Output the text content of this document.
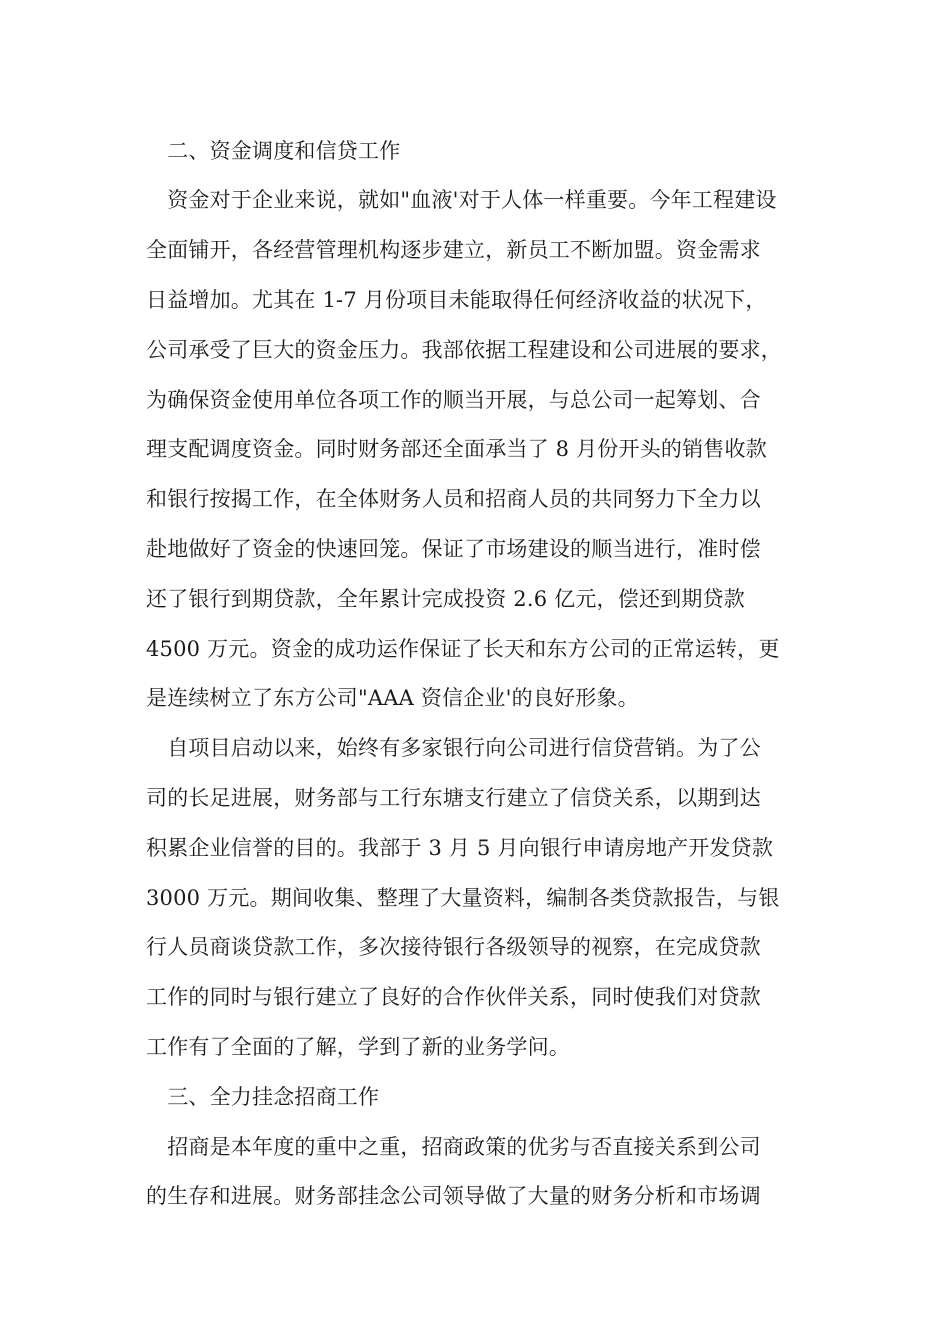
　二、资金调度和信贷工作
　资金对于企业来说，就如"血液'对于人体一样重要。今年工程建设
全面铺开，各经营管理机构逐步建立，新员工不断加盟。资金需求
日益增加。尤其在 1-7 月份项目未能取得任何经济收益的状况下，
公司承受了巨大的资金压力。我部依据工程建设和公司进展的要求，
为确保资金使用单位各项工作的顺当开展，与总公司一起筹划、合
理支配调度资金。同时财务部还全面承当了 8 月份开头的销售收款
和银行按揭工作，在全体财务人员和招商人员的共同努力下全力以
赴地做好了资金的快速回笼。保证了市场建设的顺当进行，准时偿
还了银行到期贷款，全年累计完成投资 2.6 亿元，偿还到期贷款
4500 万元。资金的成功运作保证了长天和东方公司的正常运转，更
是连续树立了东方公司"AAA 资信企业'的良好形象。
　自项目启动以来，始终有多家银行向公司进行信贷营销。为了公
司的长足进展，财务部与工行东塘支行建立了信贷关系，以期到达
积累企业信誉的目的。我部于 3 月 5 月向银行申请房地产开发贷款
3000 万元。期间收集、整理了大量资料，编制各类贷款报告，与银
行人员商谈贷款工作，多次接待银行各级领导的视察，在完成贷款
工作的同时与银行建立了良好的合作伙伴关系，同时使我们对贷款
工作有了全面的了解，学到了新的业务学问。
　三、全力挂念招商工作
　招商是本年度的重中之重，招商政策的优劣与否直接关系到公司
的生存和进展。财务部挂念公司领导做了大量的财务分析和市场调
